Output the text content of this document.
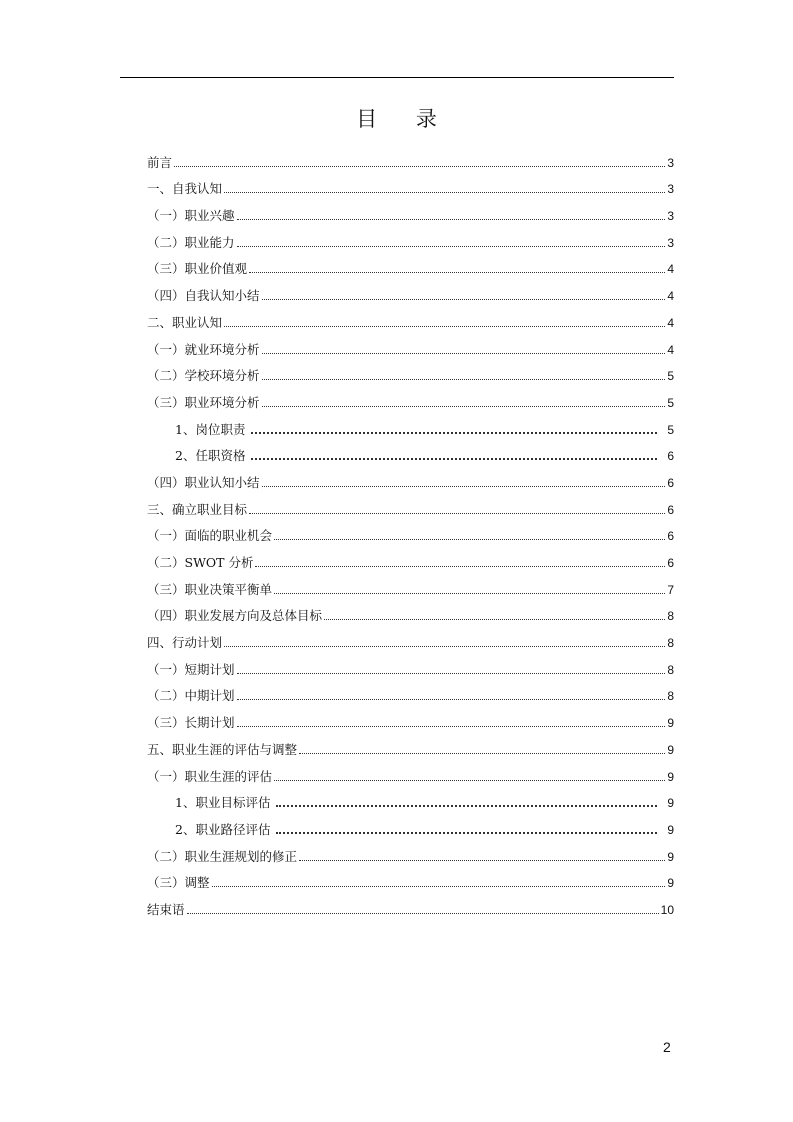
目 录
前言	3
一、自我认知	3
（一）职业兴趣	3
（二）职业能力	3
（三）职业价值观	4
（四）自我认知小结	4
二、职业认知	4
（一）就业环境分析	4
（二）学校环境分析	5
（三）职业环境分析	5
1、岗位职责	5
2、任职资格	6
（四）职业认知小结	6
三、确立职业目标	6
（一）面临的职业机会	6
（二）SWOT 分析	6
（三）职业决策平衡单	7
（四）职业发展方向及总体目标	8
四、行动计划	8
（一）短期计划	8
（二）中期计划	8
（三）长期计划	9
五、职业生涯的评估与调整	9
（一）职业生涯的评估	9
1、职业目标评估	9
2、职业路径评估	9
（二）职业生涯规划的修正	9
（三）调整	9
结束语	10
2
